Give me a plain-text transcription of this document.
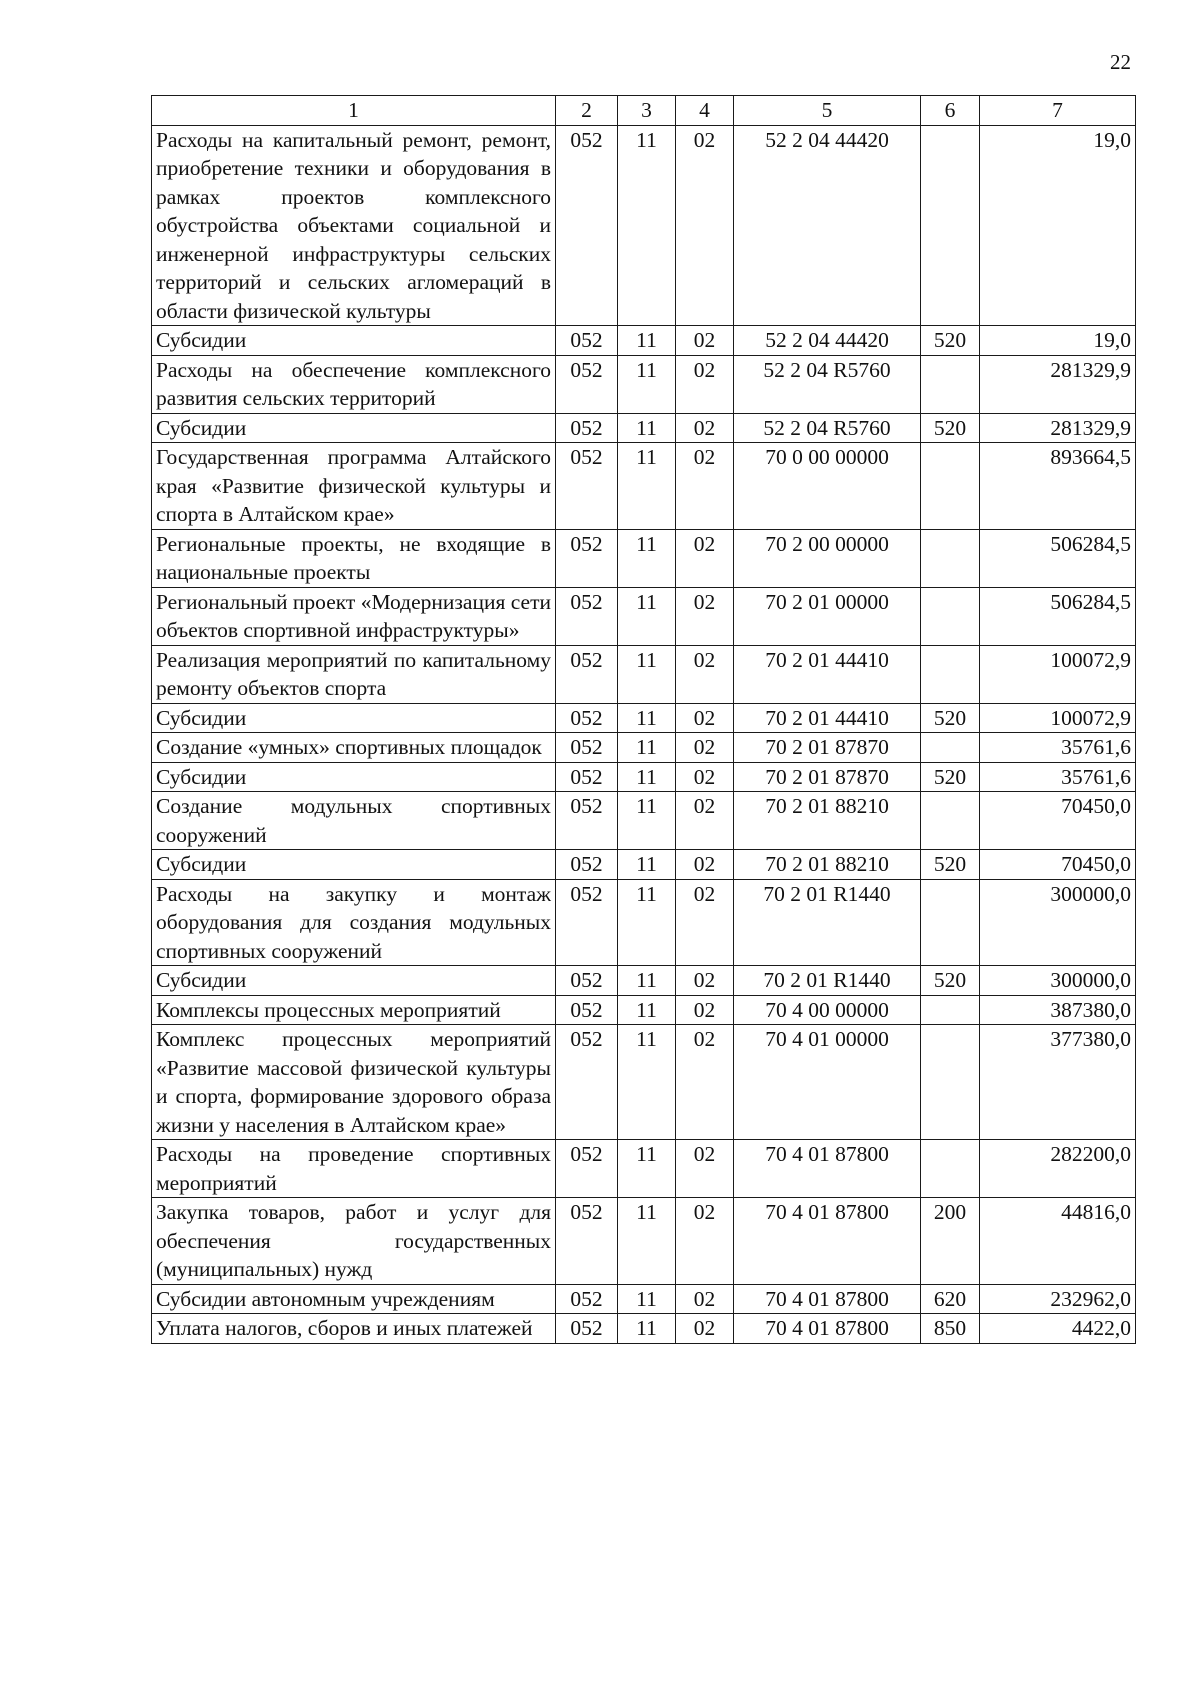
22
1	2	3	4	5	6	7
Расходы на капитальный ремонт, ремонт, приобретение техники и оборудования в рамках проектов комплексного обустройства объектами социальной и инженерной инфраструктуры сельских территорий и сельских агломераций в области физической культуры	052	11	02	52 2 04 44420		19,0
Субсидии	052	11	02	52 2 04 44420	520	19,0
Расходы на обеспечение комплексного развития сельских территорий	052	11	02	52 2 04 R5760		281329,9
Субсидии	052	11	02	52 2 04 R5760	520	281329,9
Государственная программа Алтайского края «Развитие физической культуры и спорта в Алтайском крае»	052	11	02	70 0 00 00000		893664,5
Региональные проекты, не входящие в национальные проекты	052	11	02	70 2 00 00000		506284,5
Региональный проект «Модернизация сети объектов спортивной инфраструктуры»	052	11	02	70 2 01 00000		506284,5
Реализация мероприятий по капитальному ремонту объектов спорта	052	11	02	70 2 01 44410		100072,9
Субсидии	052	11	02	70 2 01 44410	520	100072,9
Создание «умных» спортивных площадок	052	11	02	70 2 01 87870		35761,6
Субсидии	052	11	02	70 2 01 87870	520	35761,6
Создание модульных спортивных сооружений	052	11	02	70 2 01 88210		70450,0
Субсидии	052	11	02	70 2 01 88210	520	70450,0
Расходы на закупку и монтаж оборудования для создания модульных спортивных сооружений	052	11	02	70 2 01 R1440		300000,0
Субсидии	052	11	02	70 2 01 R1440	520	300000,0
Комплексы процессных мероприятий	052	11	02	70 4 00 00000		387380,0
Комплекс процессных мероприятий «Развитие массовой физической культуры и спорта, формирование здорового образа жизни у населения в Алтайском крае»	052	11	02	70 4 01 00000		377380,0
Расходы на проведение спортивных мероприятий	052	11	02	70 4 01 87800		282200,0
Закупка товаров, работ и услуг для обеспечения государственных (муниципальных) нужд	052	11	02	70 4 01 87800	200	44816,0
Субсидии автономным учреждениям	052	11	02	70 4 01 87800	620	232962,0
Уплата налогов, сборов и иных платежей	052	11	02	70 4 01 87800	850	4422,0
